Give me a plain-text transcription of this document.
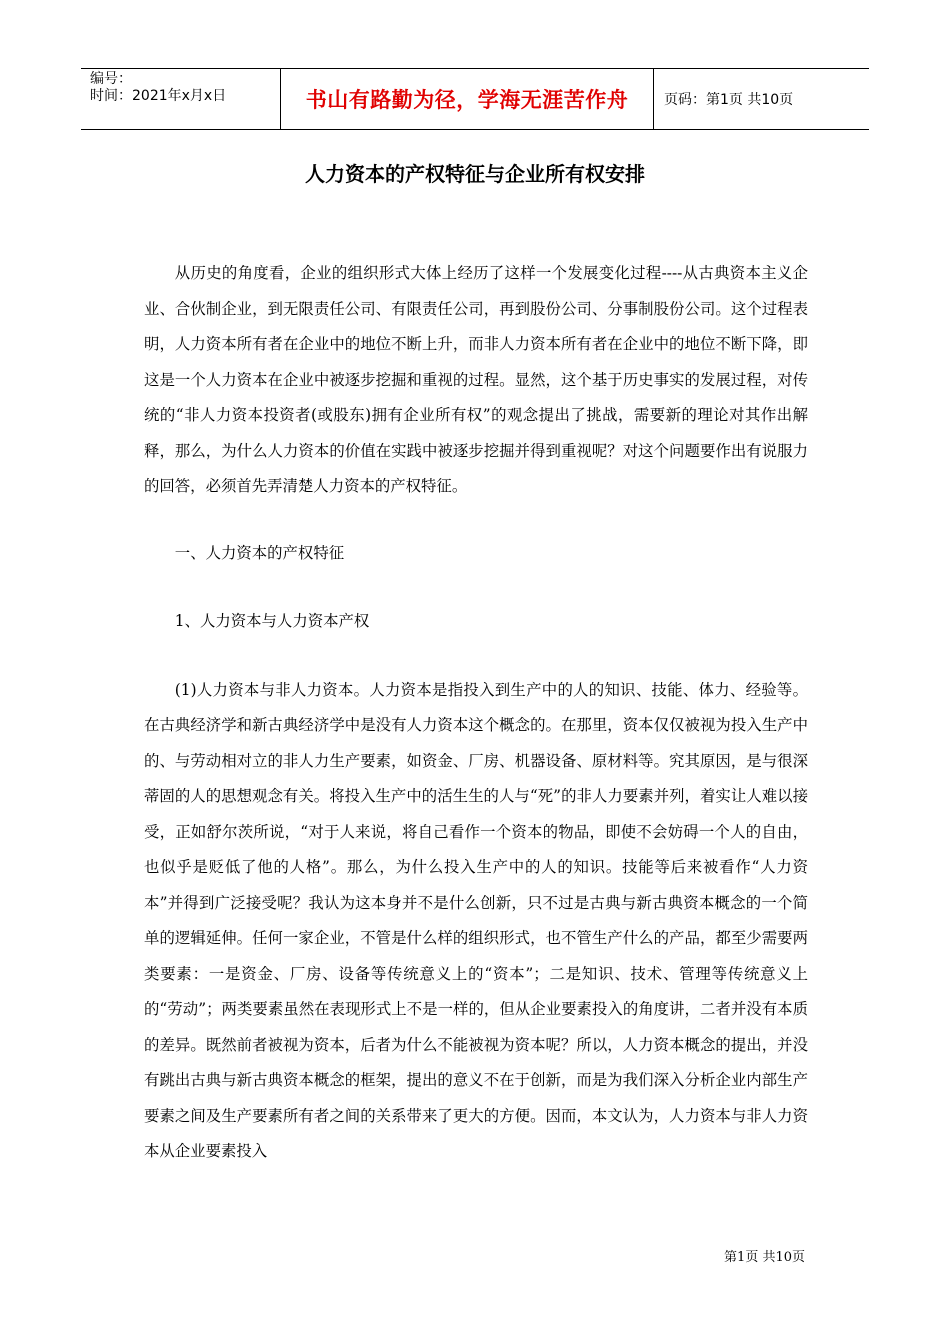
编号：
时间：2021年x月x日	书山有路勤为径，学海无涯苦作舟	页码：第1页 共10页
人力资本的产权特征与企业所有权安排

从历史的角度看，企业的组织形式大体上经历了这样一个发展变化过程----从古典资本主义企业、合伙制企业，到无限责任公司、有限责任公司，再到股份公司、分事制股份公司。这个过程表明，人力资本所有者在企业中的地位不断上升，而非人力资本所有者在企业中的地位不断下降，即这是一个人力资本在企业中被逐步挖掘和重视的过程。显然，这个基于历史事实的发展过程，对传统的“非人力资本投资者(或股东)拥有企业所有权”的观念提出了挑战，需要新的理论对其作出解释，那么，为什么人力资本的价值在实践中被逐步挖掘并得到重视呢？对这个问题要作出有说服力的回答，必须首先弄清楚人力资本的产权特征。

一、人力资本的产权特征

1、人力资本与人力资本产权

(1)人力资本与非人力资本。人力资本是指投入到生产中的人的知识、技能、体力、经验等。在古典经济学和新古典经济学中是没有人力资本这个概念的。在那里，资本仅仅被视为投入生产中的、与劳动相对立的非人力生产要素，如资金、厂房、机器设备、原材料等。究其原因，是与很深蒂固的人的思想观念有关。将投入生产中的活生生的人与“死”的非人力要素并列，着实让人难以接受，正如舒尔茨所说，“对于人来说，将自己看作一个资本的物品，即使不会妨碍一个人的自由，也似乎是贬低了他的人格”。那么，为什么投入生产中的人的知识。技能等后来被看作“人力资本”并得到广泛接受呢？我认为这本身并不是什么创新，只不过是古典与新古典资本概念的一个简单的逻辑延伸。任何一家企业，不管是什么样的组织形式，也不管生产什么的产品，都至少需要两类要素：一是资金、厂房、设备等传统意义上的“资本”；二是知识、技术、管理等传统意义上的“劳动”；两类要素虽然在表现形式上不是一样的，但从企业要素投入的角度讲，二者并没有本质的差异。既然前者被视为资本，后者为什么不能被视为资本呢？所以，人力资本概念的提出，并没有跳出古典与新古典资本概念的框架，提出的意义不在于创新，而是为我们深入分析企业内部生产要素之间及生产要素所有者之间的关系带来了更大的方便。因而，本文认为，人力资本与非人力资本从企业要素投入

第1页 共10页
